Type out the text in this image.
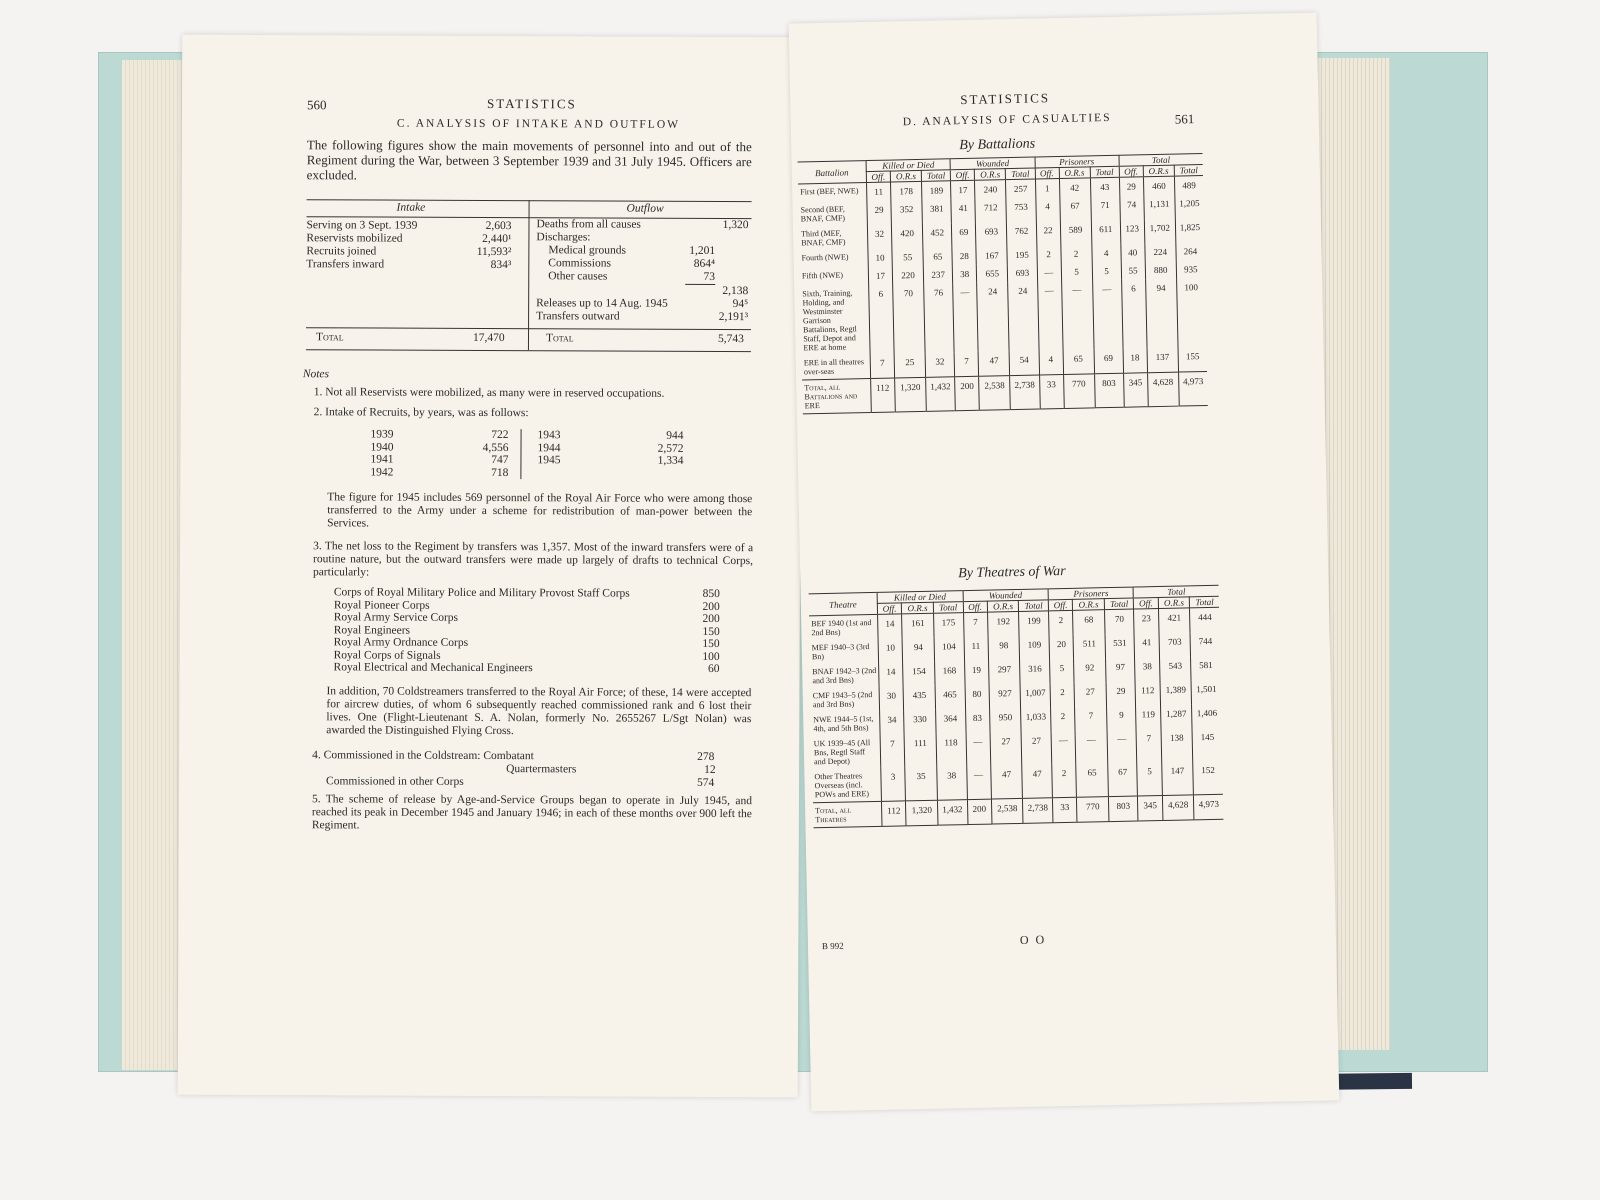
560	STATISTICS
C. ANALYSIS OF INTAKE AND OUTFLOW
The following figures show the main movements of personnel into and out of the Regiment during the War, between 3 September 1939 and 31 July 1945. Officers are excluded.
Intake	Outflow
Serving on 3 Sept. 1939	2,603
Reservists mobilized	2,440¹
Recruits joined	11,593²
Transfers inward	834³
Deaths from all causes		1,320
Discharges:		
Medical grounds	1,201	
Commissions	864⁴	
Other causes	73	
		2,138
Releases up to 14 Aug. 1945		94⁵
Transfers outward		2,191³
Total	17,470	Total	5,743
Notes
1. Not all Reservists were mobilized, as many were in reserved occupations.
2. Intake of Recruits, by years, was as follows:
1939	722
1940	4,556
1941	747
1942	718
1943	944
1944	2,572
1945	1,334
The figure for 1945 includes 569 personnel of the Royal Air Force who were among those transferred to the Army under a scheme for redistribution of man-power between the Services.
3. The net loss to the Regiment by transfers was 1,357. Most of the inward transfers were of a routine nature, but the outward transfers were made up largely of drafts to technical Corps, particularly:
Corps of Royal Military Police and Military Provost Staff Corps	850
Royal Pioneer Corps	200
Royal Army Service Corps	200
Royal Engineers	150
Royal Army Ordnance Corps	150
Royal Corps of Signals	100
Royal Electrical and Mechanical Engineers	60
In addition, 70 Coldstreamers transferred to the Royal Air Force; of these, 14 were accepted for aircrew duties, of whom 6 subsequently reached commissioned rank and 6 lost their lives. One (Flight-Lieutenant S. A. Nolan, formerly No. 2655267 L/Sgt Nolan) was awarded the Distinguished Flying Cross.
4. Commissioned in the Coldstream: Combatant	278
Quartermasters	12
Commissioned in other Corps	574
5. The scheme of release by Age-and-Service Groups began to operate in July 1945, and reached its peak in December 1945 and January 1946; in each of these months over 900 left the Regiment.
STATISTICS
D. ANALYSIS OF CASUALTIES	561
By Battalions
Battalion	Killed or Died			Wounded			Prisoners			Total		
	Off.	O.R.s	Total	Off.	O.R.s	Total	Off.	O.R.s	Total	Off.	O.R.s	Total
First (BEF, NWE)	11	178	189	17	240	257	1	42	43	29	460	489
Second (BEF, BNAF, CMF)	29	352	381	41	712	753	4	67	71	74	1,131	1,205
Third (MEF, BNAF, CMF)	32	420	452	69	693	762	22	589	611	123	1,702	1,825
Fourth (NWE)	10	55	65	28	167	195	2	2	4	40	224	264
Fifth (NWE)	17	220	237	38	655	693	—	5	5	55	880	935
Sixth, Training, Holding, and Westminster Garrison Battalions, Regtl Staff, Depot and ERE at home	6	70	76	—	24	24	—	—	—	6	94	100
ERE in all theatres over-seas	7	25	32	7	47	54	4	65	69	18	137	155
Total, all Battalions and ERE	112	1,320	1,432	200	2,538	2,738	33	770	803	345	4,628	4,973
By Theatres of War
Theatre	Killed or Died			Wounded			Prisoners			Total		
	Off.	O.R.s	Total	Off.	O.R.s	Total	Off.	O.R.s	Total	Off.	O.R.s	Total
BEF 1940 (1st and 2nd Bns)	14	161	175	7	192	199	2	68	70	23	421	444
MEF 1940–3 (3rd Bn)	10	94	104	11	98	109	20	511	531	41	703	744
BNAF 1942–3 (2nd and 3rd Bns)	14	154	168	19	297	316	5	92	97	38	543	581
CMF 1943–5 (2nd and 3rd Bns)	30	435	465	80	927	1,007	2	27	29	112	1,389	1,501
NWE 1944–5 (1st, 4th, and 5th Bns)	34	330	364	83	950	1,033	2	7	9	119	1,287	1,406
UK 1939–45 (All Bns, Regtl Staff and Depot)	7	111	118	—	27	27	—	—	—	7	138	145
Other Theatres Overseas (incl. POWs and ERE)	3	35	38	—	47	47	2	65	67	5	147	152
Total, all Theatres	112	1,320	1,432	200	2,538	2,738	33	770	803	345	4,628	4,973
B 992	O O
